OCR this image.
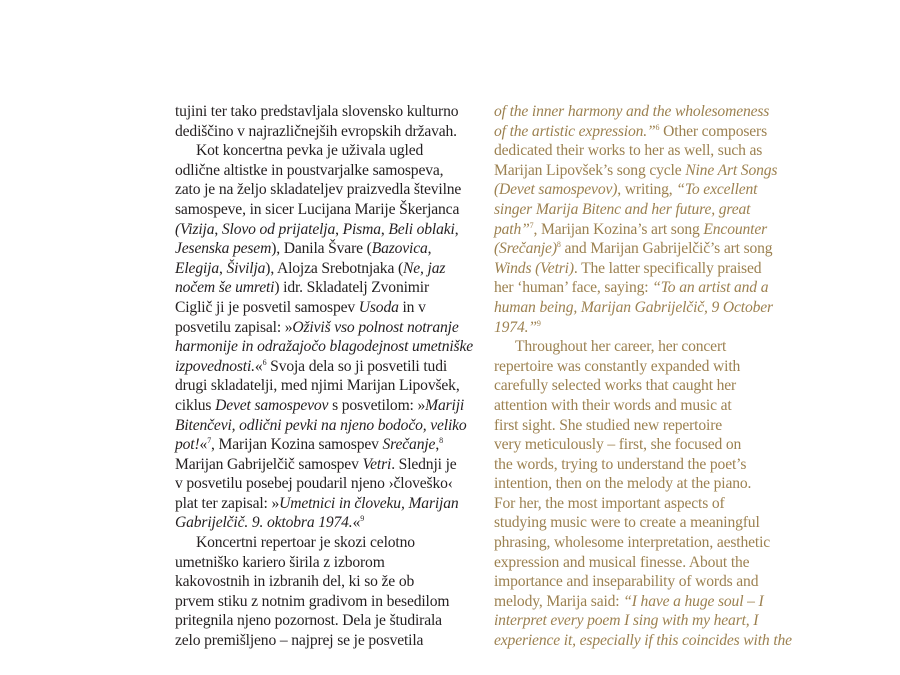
tujini ter tako predstavljala slovensko kulturno
dediščino v najrazličnejših evropskih državah.
Kot koncertna pevka je uživala ugled
odlične altistke in poustvarjalke samospeva,
zato je na željo skladateljev praizvedla številne
samospeve, in sicer Lucijana Marije Škerjanca
(Vizija, Slovo od prijatelja, Pisma, Beli oblaki,
Jesenska pesem), Danila Švare (Bazovica,
Elegija, Šivilja), Alojza Srebotnjaka (Ne, jaz
nočem še umreti) idr. Skladatelj Zvonimir
Ciglič ji je posvetil samospev Usoda in v
posvetilu zapisal: »Oživiš vso polnost notranje
harmonije in odražajočo blagodejnost umetniške
izpovednosti.«$^6$ Svoja dela so ji posvetili tudi
drugi skladatelji, med njimi Marijan Lipovšek,
ciklus Devet samospevov s posvetilom: »Mariji
Bitenčevi, odlični pevki na njeno bodočo, veliko
pot!«$^7$, Marijan Kozina samospev Srečanje,$^8$
Marijan Gabrijelčič samospev Vetri. Slednji je
v posvetilu posebej poudaril njeno ›človeško‹
plat ter zapisal: »Umetnici in človeku, Marijan
Gabrijelčič. 9. oktobra 1974.«$^9$
Koncertni repertoar je skozi celotno
umetniško kariero širila z izborom
kakovostnih in izbranih del, ki so že ob
prvem stiku z notnim gradivom in besedilom
pritegnila njeno pozornost. Dela je študirala
zelo premišljeno – najprej se je posvetila
of the inner harmony and the wholesomeness
of the artistic expression.”$^6$ Other composers
dedicated their works to her as well, such as
Marijan Lipovšek’s song cycle Nine Art Songs
(Devet samospevov), writing, “To excellent
singer Marija Bitenc and her future, great
path”$^7$, Marijan Kozina’s art song Encounter
(Srečanje)$^8$ and Marijan Gabrijelčič’s art song
Winds (Vetri). The latter specifically praised
her ‘human’ face, saying: “To an artist and a
human being, Marijan Gabrijelčič, 9 October
1974.”$^9$
Throughout her career, her concert
repertoire was constantly expanded with
carefully selected works that caught her
attention with their words and music at
first sight. She studied new repertoire
very meticulously – first, she focused on
the words, trying to understand the poet’s
intention, then on the melody at the piano.
For her, the most important aspects of
studying music were to create a meaningful
phrasing, wholesome interpretation, aesthetic
expression and musical finesse. About the
importance and inseparability of words and
melody, Marija said: “I have a huge soul – I
interpret every poem I sing with my heart, I
experience it, especially if this coincides with the
